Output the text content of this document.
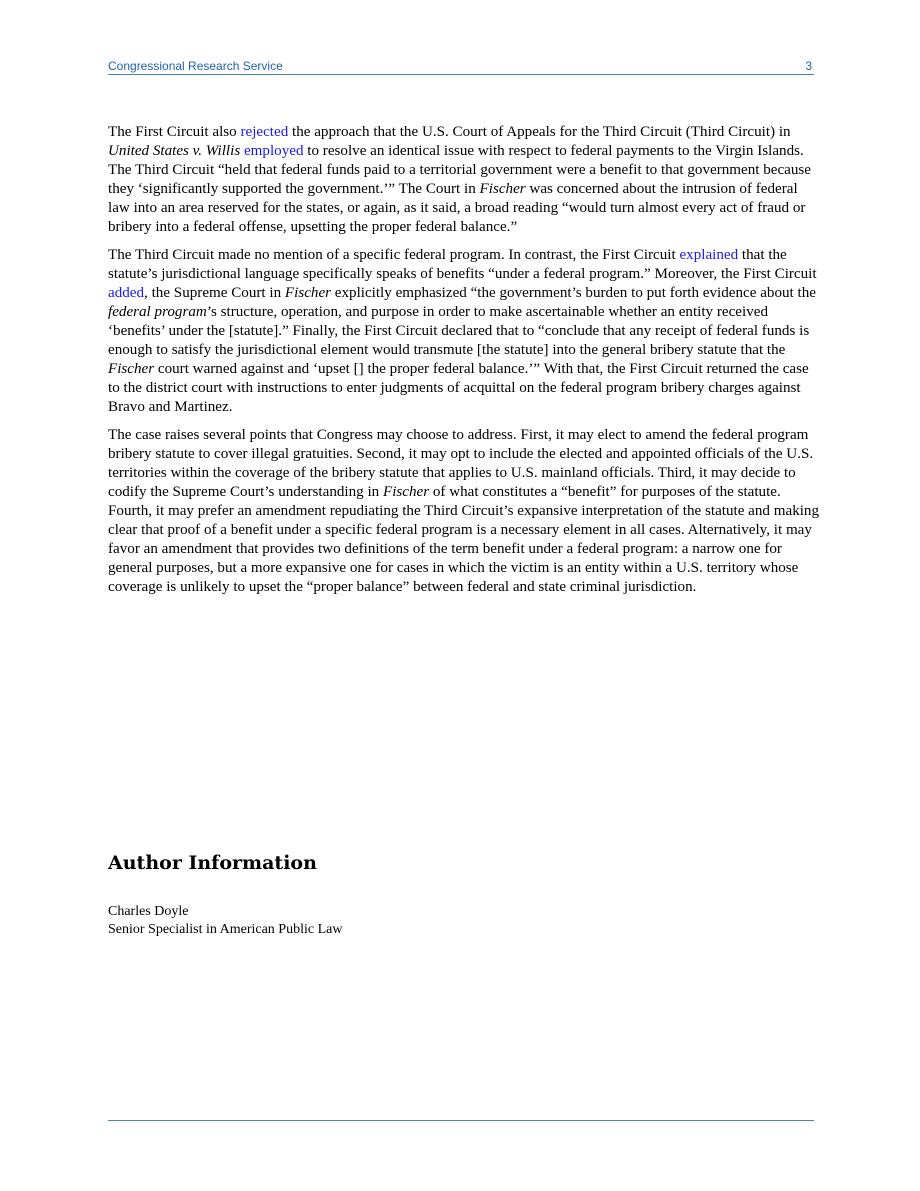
Congressional Research Service	3

The First Circuit also rejected the approach that the U.S. Court of Appeals for the Third Circuit (Third Circuit) in United States v. Willis employed to resolve an identical issue with respect to federal payments to the Virgin Islands. The Third Circuit “held that federal funds paid to a territorial government were a benefit to that government because they ‘significantly supported the government.’” The Court in Fischer was concerned about the intrusion of federal law into an area reserved for the states, or again, as it said, a broad reading “would turn almost every act of fraud or bribery into a federal offense, upsetting the proper federal balance.”

The Third Circuit made no mention of a specific federal program. In contrast, the First Circuit explained that the statute’s jurisdictional language specifically speaks of benefits “under a federal program.” Moreover, the First Circuit added, the Supreme Court in Fischer explicitly emphasized “the government’s burden to put forth evidence about the federal program’s structure, operation, and purpose in order to make ascertainable whether an entity received ‘benefits’ under the [statute].” Finally, the First Circuit declared that to “conclude that any receipt of federal funds is enough to satisfy the jurisdictional element would transmute [the statute] into the general bribery statute that the Fischer court warned against and ‘upset [] the proper federal balance.’” With that, the First Circuit returned the case to the district court with instructions to enter judgments of acquittal on the federal program bribery charges against Bravo and Martinez.

The case raises several points that Congress may choose to address. First, it may elect to amend the federal program bribery statute to cover illegal gratuities. Second, it may opt to include the elected and appointed officials of the U.S. territories within the coverage of the bribery statute that applies to U.S. mainland officials. Third, it may decide to codify the Supreme Court’s understanding in Fischer of what constitutes a “benefit” for purposes of the statute. Fourth, it may prefer an amendment repudiating the Third Circuit’s expansive interpretation of the statute and making clear that proof of a benefit under a specific federal program is a necessary element in all cases. Alternatively, it may favor an amendment that provides two definitions of the term benefit under a federal program: a narrow one for general purposes, but a more expansive one for cases in which the victim is an entity within a U.S. territory whose coverage is unlikely to upset the “proper balance” between federal and state criminal jurisdiction.

Author Information
Charles Doyle
Senior Specialist in American Public Law
